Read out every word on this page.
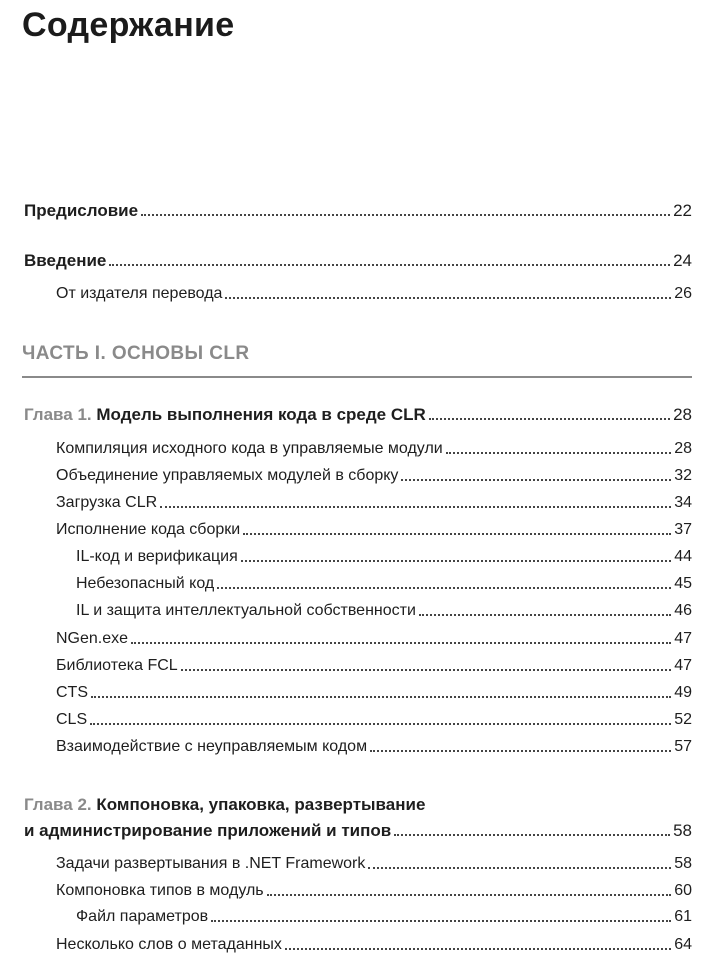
Содержание
Предисловие	22
Введение	24
От издателя перевода	26
ЧАСТЬ I. ОСНОВЫ CLR
Глава 1. Модель выполнения кода в среде CLR	28
Компиляция исходного кода в управляемые модули	28
Объединение управляемых модулей в сборку	32
Загрузка CLR	34
Исполнение кода сборки	37
IL-код и верификация	44
Небезопасный код	45
IL и защита интеллектуальной собственности	46
NGen.exe	47
Библиотека FCL	47
CTS	49
CLS	52
Взаимодействие с неуправляемым кодом	57
Глава 2. Компоновка, упаковка, развертывание
и администрирование приложений и типов	58
Задачи развертывания в .NET Framework	58
Компоновка типов в модуль	60
Файл параметров	61
Несколько слов о метаданных	64
